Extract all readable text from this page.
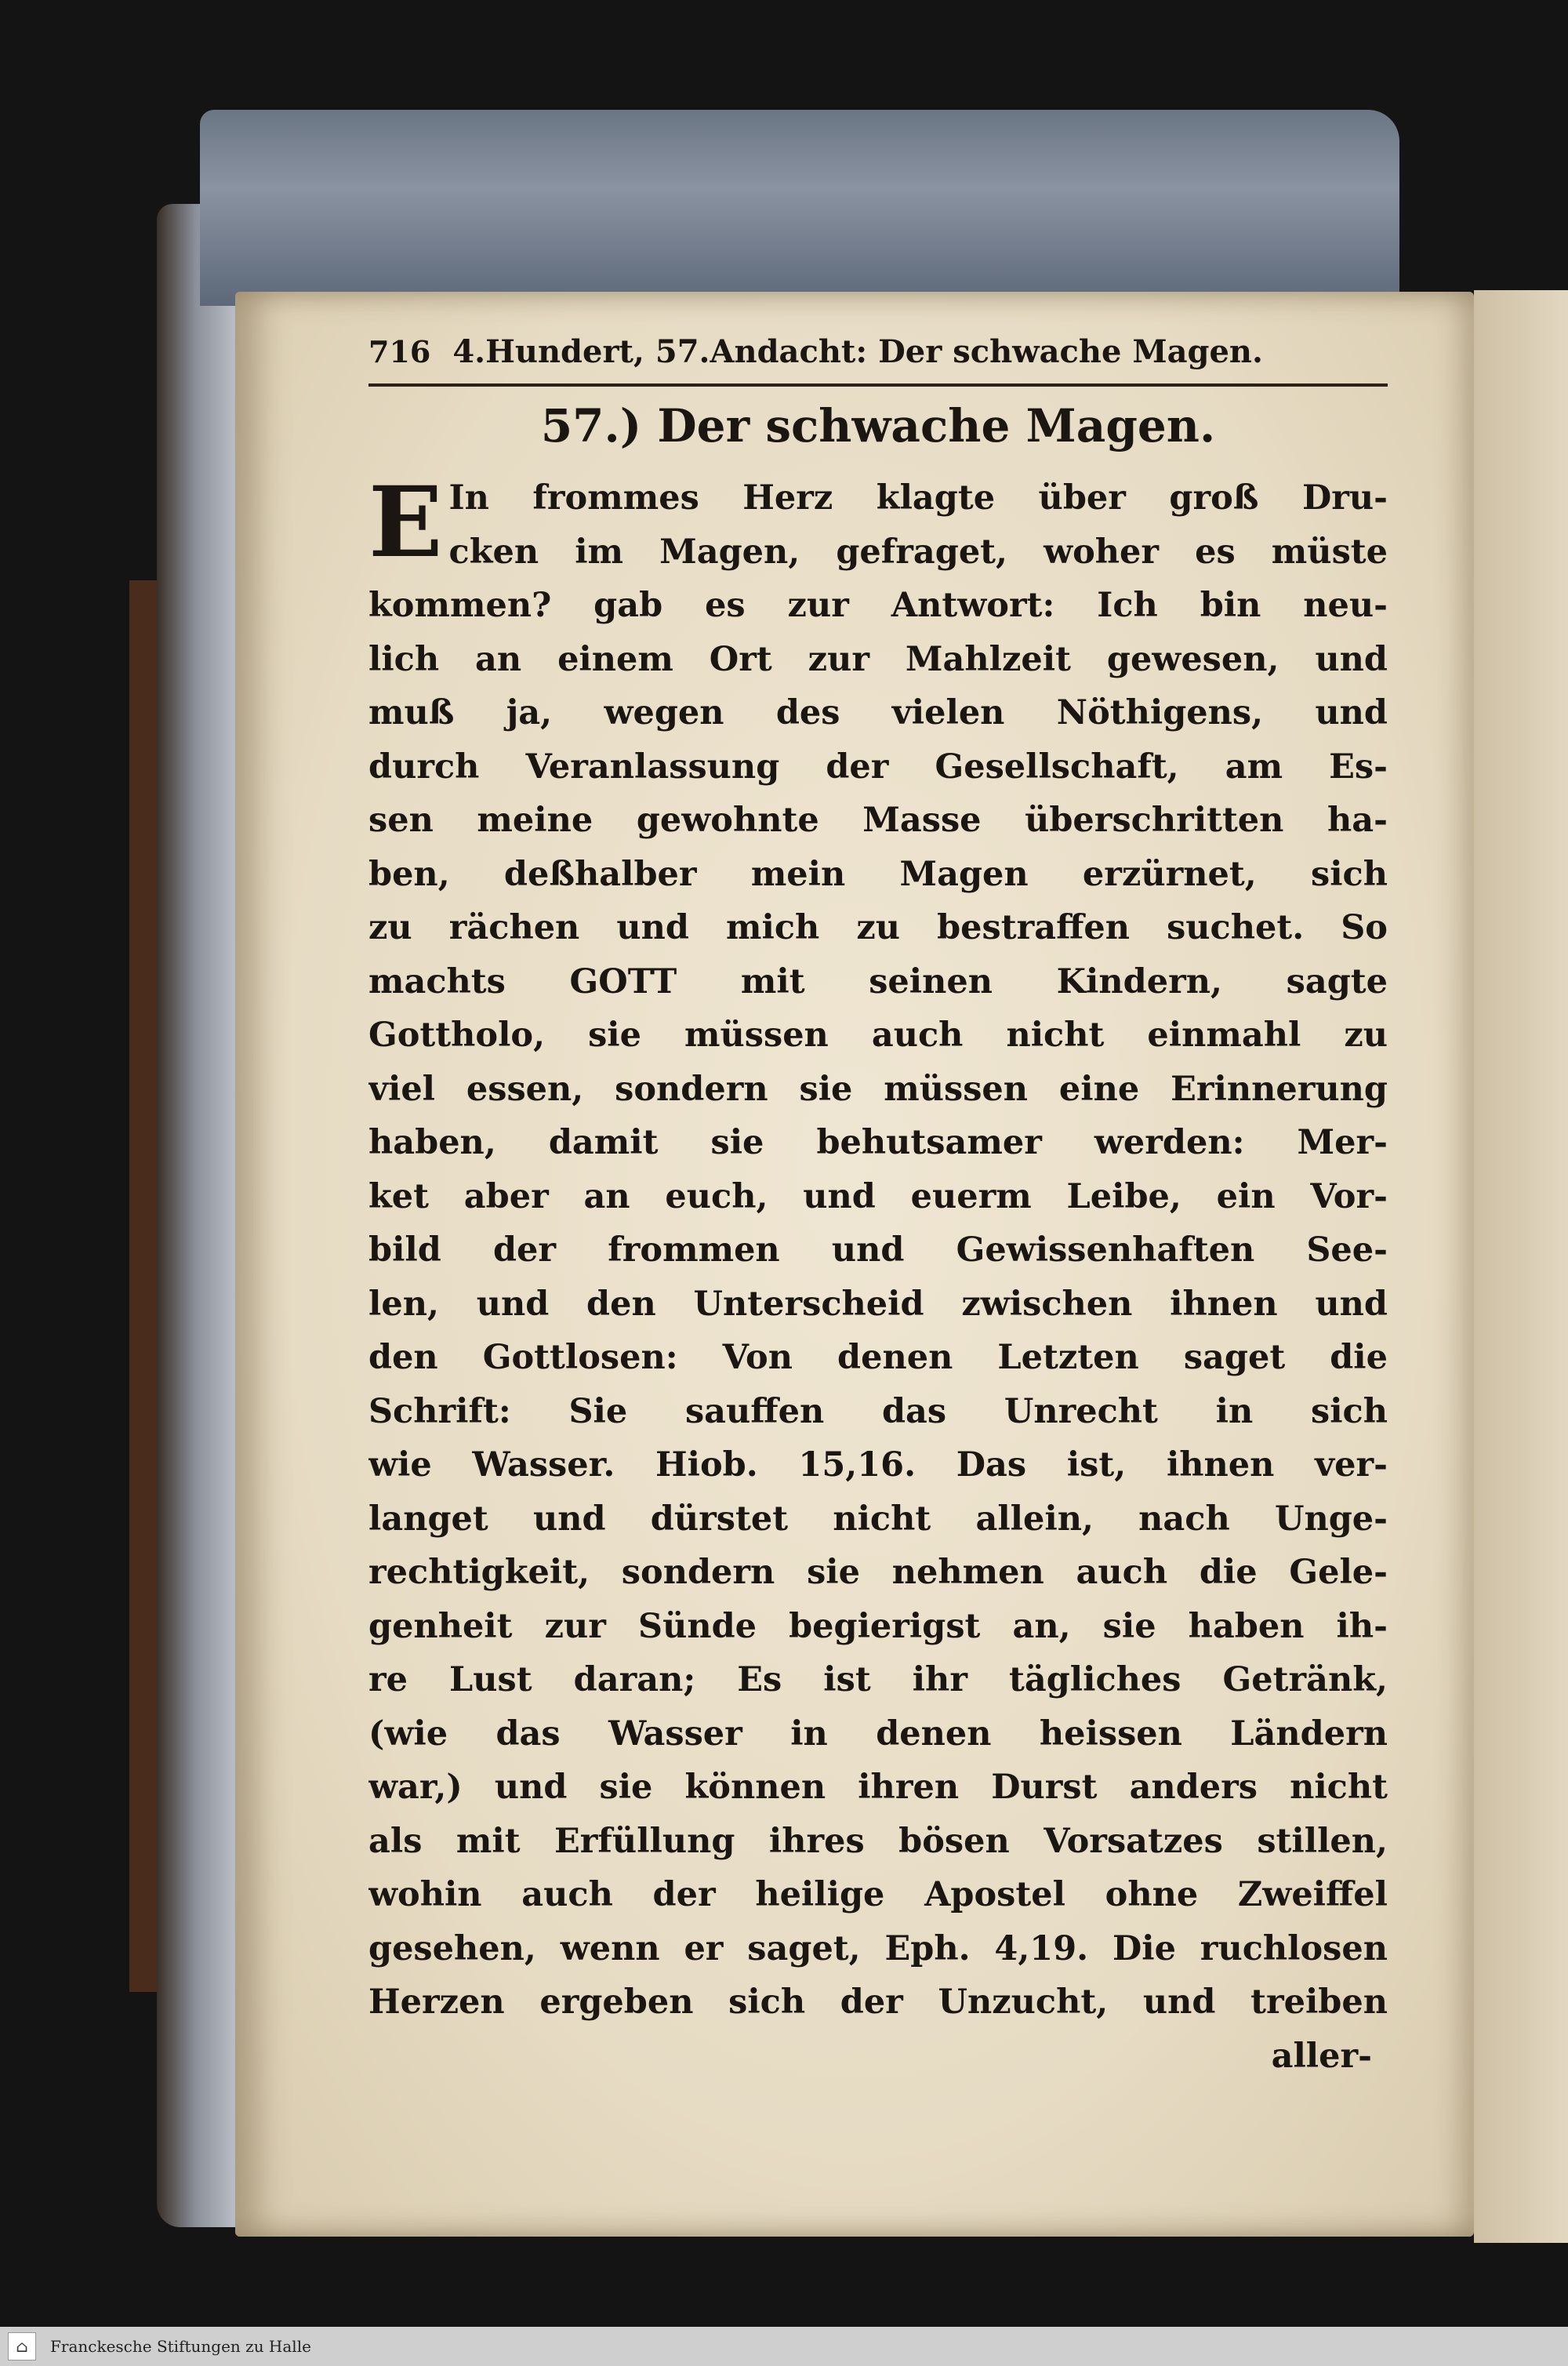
716 4.Hundert, 57.Andacht: Der schwache Magen.
57.) Der schwache Magen.
E In frommes Herz klagte über groß Dru-
cken im Magen, gefraget, woher es müste
kommen? gab es zur Antwort: Ich bin neu-
lich an einem Ort zur Mahlzeit gewesen, und
muß ja, wegen des vielen Nöthigens, und
durch Veranlassung der Gesellschaft, am Es-
sen meine gewohnte Masse überschritten ha-
ben, deßhalber mein Magen erzürnet, sich
zu rächen und mich zu bestraffen suchet. So
machts GOTT mit seinen Kindern, sagte
Gottholo, sie müssen auch nicht einmahl zu
viel essen, sondern sie müssen eine Erinnerung
haben, damit sie behutsamer werden: Mer-
ket aber an euch, und euerm Leibe, ein Vor-
bild der frommen und Gewissenhaften See-
len, und den Unterscheid zwischen ihnen und
den Gottlosen: Von denen Letzten saget die
Schrift: Sie sauffen das Unrecht in sich
wie Wasser. Hiob. 15,16. Das ist, ihnen ver-
langet und dürstet nicht allein, nach Unge-
rechtigkeit, sondern sie nehmen auch die Gele-
genheit zur Sünde begierigst an, sie haben ih-
re Lust daran; Es ist ihr tägliches Getränk,
(wie das Wasser in denen heissen Ländern
war,) und sie können ihren Durst anders nicht
als mit Erfüllung ihres bösen Vorsatzes stillen,
wohin auch der heilige Apostel ohne Zweiffel
gesehen, wenn er saget, Eph. 4,19. Die ruchlosen
Herzen ergeben sich der Unzucht, und treiben
aller-
⌂	Franckesche Stiftungen zu Halle
